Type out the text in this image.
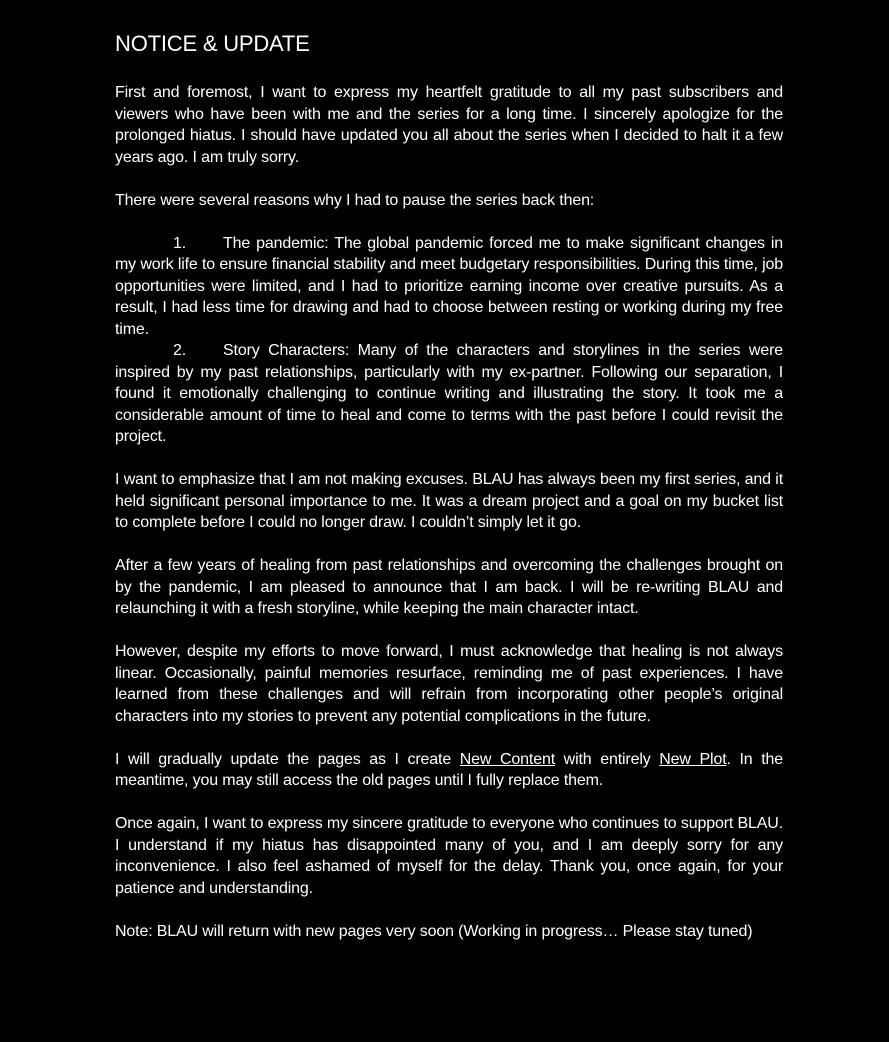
NOTICE & UPDATE

First and foremost, I want to express my heartfelt gratitude to all my past subscribers and viewers who have been with me and the series for a long time. I sincerely apologize for the prolonged hiatus. I should have updated you all about the series when I decided to halt it a few years ago. I am truly sorry.

There were several reasons why I had to pause the series back then:

1. The pandemic: The global pandemic forced me to make significant changes in my work life to ensure financial stability and meet budgetary responsibilities. During this time, job opportunities were limited, and I had to prioritize earning income over creative pursuits. As a result, I had less time for drawing and had to choose between resting or working during my free time.

2. Story Characters: Many of the characters and storylines in the series were inspired by my past relationships, particularly with my ex-partner. Following our separation, I found it emotionally challenging to continue writing and illustrating the story. It took me a considerable amount of time to heal and come to terms with the past before I could revisit the project.

I want to emphasize that I am not making excuses. BLAU has always been my first series, and it held significant personal importance to me. It was a dream project and a goal on my bucket list to complete before I could no longer draw. I couldn’t simply let it go.

After a few years of healing from past relationships and overcoming the challenges brought on by the pandemic, I am pleased to announce that I am back. I will be re-writing BLAU and relaunching it with a fresh storyline, while keeping the main character intact.

However, despite my efforts to move forward, I must acknowledge that healing is not always linear. Occasionally, painful memories resurface, reminding me of past experiences. I have learned from these challenges and will refrain from incorporating other people’s original characters into my stories to prevent any potential complications in the future.

I will gradually update the pages as I create New Content with entirely New Plot. In the meantime, you may still access the old pages until I fully replace them.

Once again, I want to express my sincere gratitude to everyone who continues to support BLAU. I understand if my hiatus has disappointed many of you, and I am deeply sorry for any inconvenience. I also feel ashamed of myself for the delay. Thank you, once again, for your patience and understanding.

Note: BLAU will return with new pages very soon (Working in progress… Please stay tuned)
